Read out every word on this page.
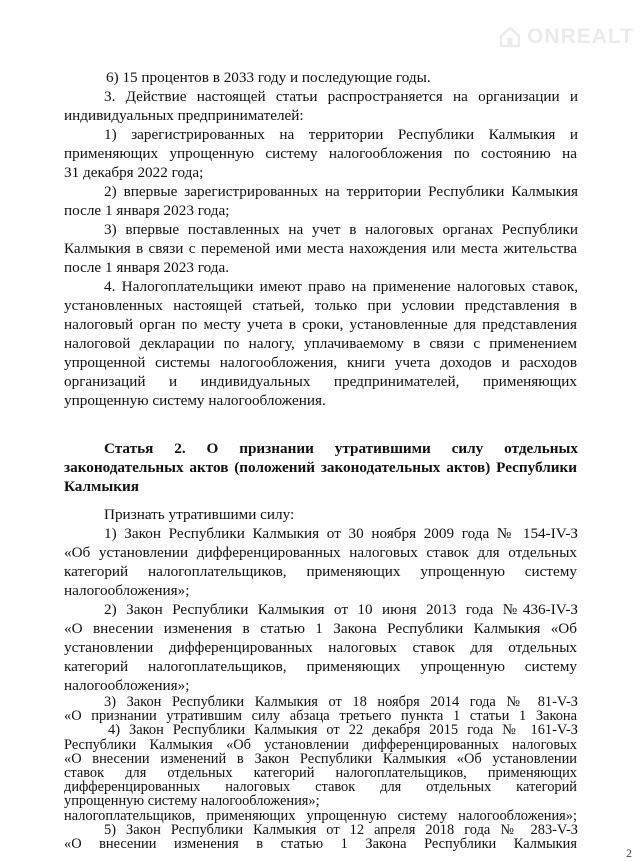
ONREALT
6) 15 процентов в 2033 году и последующие годы.
3. Действие настоящей статьи распространяется на организации и
индивидуальных предпринимателей:
1) зарегистрированных на территории Республики Калмыкия и
применяющих упрощенную систему налогообложения по состоянию на
31 декабря 2022 года;
2) впервые зарегистрированных на территории Республики Калмыкия
после 1 января 2023 года;
3) впервые поставленных на учет в налоговых органах Республики
Калмыкия в связи с переменой ими места нахождения или места жительства
после 1 января 2023 года.
4. Налогоплательщики имеют право на применение налоговых ставок,
установленных настоящей статьей, только при условии представления в
налоговый орган по месту учета в сроки, установленные для представления
налоговой декларации по налогу, уплачиваемому в связи с применением
упрощенной системы налогообложения, книги учета доходов и расходов
организаций и индивидуальных предпринимателей, применяющих
упрощенную систему налогообложения.
Статья 2. О признании утратившими силу отдельных
законодательных актов (положений законодательных актов) Республики
Калмыкия
Признать утратившими силу:
1) Закон Республики Калмыкия от 30 ноября 2009 года № 154-IV-З
«Об установлении дифференцированных налоговых ставок для отдельных
категорий налогоплательщиков, применяющих упрощенную систему
налогообложения»;
2) Закон Республики Калмыкия от 10 июня 2013 года №436-IV-З
«О внесении изменения в статью 1 Закона Республики Калмыкия «Об
установлении дифференцированных налоговых ставок для отдельных
категорий налогоплательщиков, применяющих упрощенную систему
налогообложения»;
3) Закон Республики Калмыкия от 18 ноября 2014 года № 81-V-З
«О признании утратившим силу абзаца третьего пункта 1 статьи 1 Закона
Республики Калмыкия «Об установлении дифференцированных налоговых
ставок для отдельных категорий налогоплательщиков, применяющих
упрощенную систему налогообложения»;
4) Закон Республики Калмыкия от 22 декабря 2015 года № 161-V-З
«О внесении изменений в Закон Республики Калмыкия «Об установлении
дифференцированных налоговых ставок для отдельных категорий
налогоплательщиков, применяющих упрощенную систему налогообложения»;
2
5) Закон Республики Калмыкия от 12 апреля 2018 года № 283-V-З
«О внесении изменения в статью 1 Закона Республики Калмыкия
